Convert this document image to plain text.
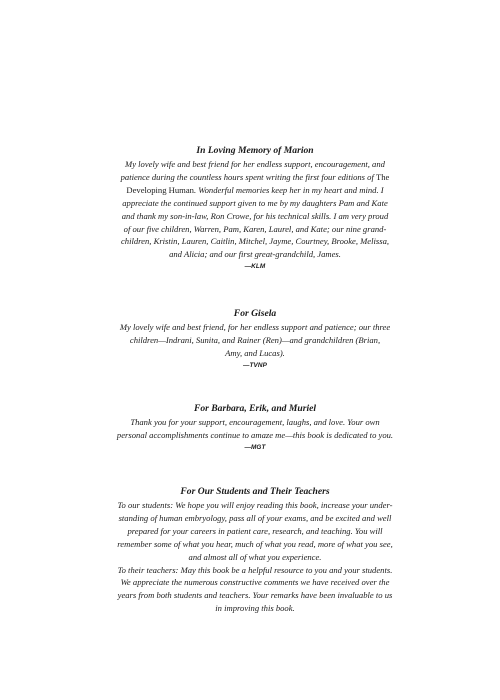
In Loving Memory of Marion

My lovely wife and best friend for her endless support, encouragement, and
patience during the countless hours spent writing the first four editions of The
Developing Human. Wonderful memories keep her in my heart and mind. I
appreciate the continued support given to me by my daughters Pam and Kate
and thank my son-in-law, Ron Crowe, for his technical skills. I am very proud
of our five children, Warren, Pam, Karen, Laurel, and Kate; our nine grand-
children, Kristin, Lauren, Caitlin, Mitchel, Jayme, Courtney, Brooke, Melissa,
and Alicia; and our first great-grandchild, James.

—KLM
For Gisela

My lovely wife and best friend, for her endless support and patience; our three
children—Indrani, Sunita, and Rainer (Ren)—and grandchildren (Brian,
Amy, and Lucas).

—TVNP
For Barbara, Erik, and Muriel

Thank you for your support, encouragement, laughs, and love. Your own
personal accomplishments continue to amaze me—this book is dedicated to you.

—MGT
For Our Students and Their Teachers

To our students: We hope you will enjoy reading this book, increase your under-
standing of human embryology, pass all of your exams, and be excited and well
prepared for your careers in patient care, research, and teaching. You will
remember some of what you hear, much of what you read, more of what you see,
and almost all of what you experience.
To their teachers: May this book be a helpful resource to you and your students.
We appreciate the numerous constructive comments we have received over the
years from both students and teachers. Your remarks have been invaluable to us
in improving this book.
